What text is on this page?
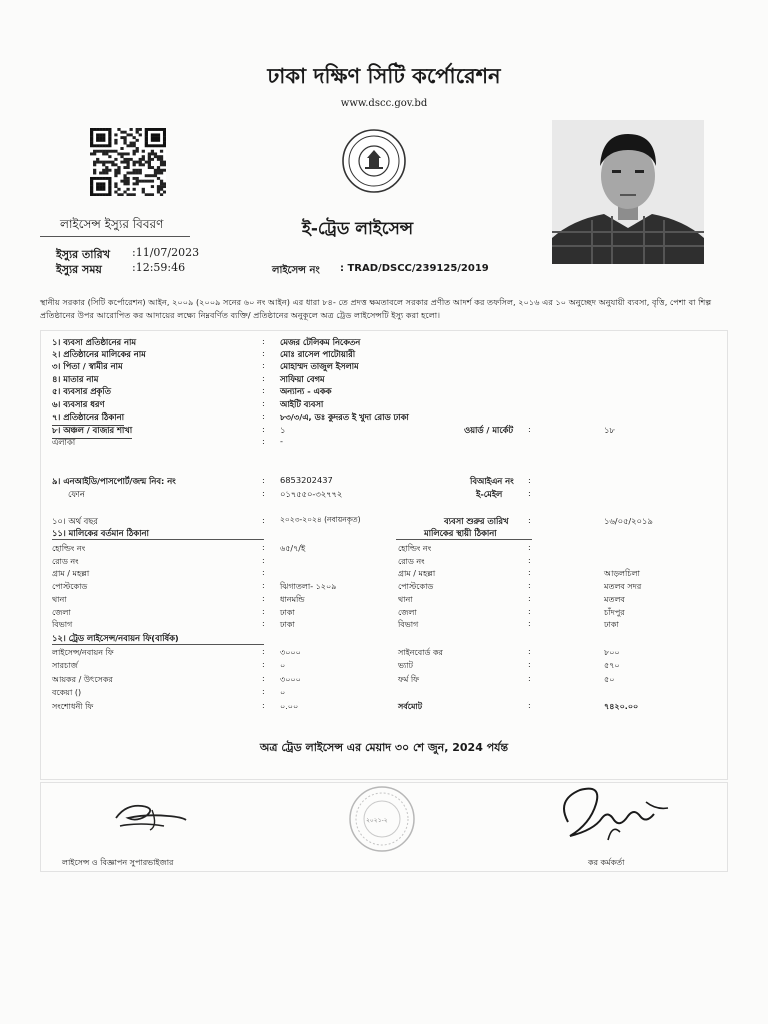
ঢাকা দক্ষিণ সিটি কর্পোরেশন
www.dscc.gov.bd
লাইসেন্স ইস্যুর বিবরণ
ইস্যুর তারিখ :11/07/2023
ইস্যুর সময়	:12:59:46
ই-ট্রেড লাইসেন্স
লাইসেন্স নং : TRAD/DSCC/239125/2019
স্থানীয় সরকার (সিটি কর্পোরেশন) আইন, ২০০৯ (২০০৯ সনের ৬০ নং আইন) এর ধারা ৮৪- তে প্রদত্ত ক্ষমতাবলে সরকার প্রণীত আদর্শ কর তফসিল, ২০১৬ এর ১০ অনুচ্ছেদ অনুযায়ী ব্যবসা, বৃত্তি, পেশা বা শিল্প প্রতিষ্ঠানের উপর আরোপিত কর আদায়ের লক্ষ্যে নিম্নবর্ণিত ব্যক্তি/ প্রতিষ্ঠানের অনুকূলে অত্র ট্রেড লাইসেন্সটি ইস্যু করা হলো।
১। ব্যবসা প্রতিষ্ঠানের নাম	: মেজর টেলিকম নিকেতন
২। প্রতিষ্ঠানের মালিকের নাম	: মোঃ রাসেল পাটোয়ারী
৩। পিতা / স্বামীর নাম	: মোহাম্মদ তাজুল ইসলাম
৪। মাতার নাম	: সাফিয়া বেগম
৫। ব্যবসার প্রকৃতি	: অন্যান্য - একক
৬। ব্যবসার ধরণ	: আইটি ব্যবসা
৭। প্রতিষ্ঠানের ঠিকানা	: ৮৩/৩/এ, ডঃ কুদরত ই খুদা রোড ঢাকা
৮। অঞ্চল / বাজার শাখা	: ১	ওয়ার্ড / মার্কেট :	১৮
এলাকা	: -
৯। এনআইডি/পাসপোর্ট/জন্ম নিব: নং	: 6853202437	বিআইএন নং :
ফোন	: ০১৭৫৫০-৩২৭৭২	ই-মেইল	:
১০। অর্থ বছর	: ২০২৩-২০২৪ (নবায়নকৃত)	ব্যবসা শুরুর তারিখ :	১৬/০৫/২০১৯
১১। মালিকের বর্তমান ঠিকানা	মালিকের স্থায়ী ঠিকানা
হোল্ডিং নং	: ৬৫/৭/ই	হোল্ডিং নং	:
রোড নং	:	রোড নং	:
গ্রাম / মহল্লা	:	গ্রাম / মহল্লা	:	আড়লচিলা
পোস্টকোড	: ঝিগাতলা- ১২০৯	পোস্টকোড	:	মতলব সদর
থানা	: ধানমন্ডি	থানা	:	মতলব
জেলা	: ঢাকা	জেলা	:	চাঁদপুর
বিভাগ	: ঢাকা	বিভাগ	:	ঢাকা
১২। ট্রেড লাইসেন্স/নবায়ন ফি(বার্ষিক)
লাইসেন্স/নবায়ন ফি	: ৩০০০	সাইনবোর্ড কর	:	৮০০
সারচার্জ	: ০	ভ্যাট	:	৫৭০
আয়কর / উৎসেকর	: ৩০০০	ফর্ম ফি	:	৫০
বকেয়া ()	: ০
সংশোধনী ফি	: ০.০০	সর্বমোট	:	৭৪২০.০০
অত্র ট্রেড লাইসেন্স এর মেয়াদ ৩০ শে জুন, 2024 পর্যন্ত
২০২১-২
লাইসেন্স ও বিজ্ঞাপন সুপারভাইজার	কর কর্মকর্তা
